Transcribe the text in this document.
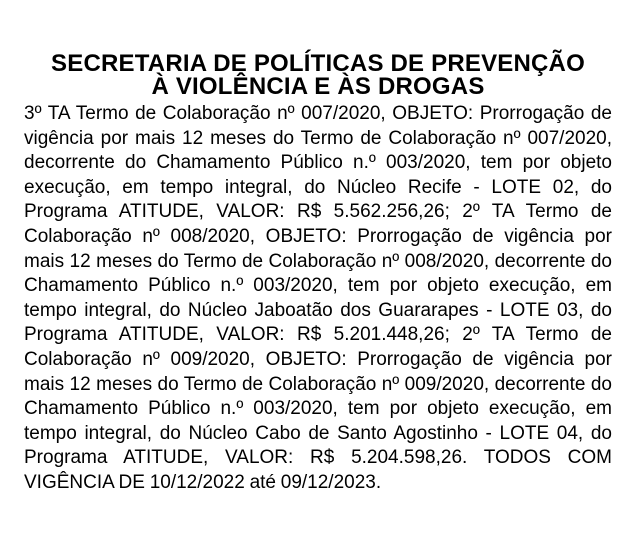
SECRETARIA DE POLÍTICAS DE PREVENÇÃO
À VIOLÊNCIA E ÀS DROGAS

3º TA Termo de Colaboração nº 007/2020, OBJETO: Prorrogação de vigência por mais 12 meses do Termo de Colaboração nº 007/2020, decorrente do Chamamento Público n.º 003/2020, tem por objeto execução, em tempo integral, do Núcleo Recife - LOTE 02, do Programa ATITUDE, VALOR: R$ 5.562.256,26; 2º TA Termo de Colaboração nº 008/2020, OBJETO: Prorrogação de vigência por mais 12 meses do Termo de Colaboração nº 008/2020, decorrente do Chamamento Público n.º 003/2020, tem por objeto execução, em tempo integral, do Núcleo Jaboatão dos Guararapes - LOTE 03, do Programa ATITUDE, VALOR: R$ 5.201.448,26; 2º TA Termo de Colaboração nº 009/2020, OBJETO: Prorrogação de vigência por mais 12 meses do Termo de Colaboração nº 009/2020, decorrente do Chamamento Público n.º 003/2020, tem por objeto execução, em tempo integral, do Núcleo Cabo de Santo Agostinho - LOTE 04, do Programa ATITUDE, VALOR: R$ 5.204.598,26. TODOS COM VIGÊNCIA DE 10/12/2022 até 09/12/2023.
